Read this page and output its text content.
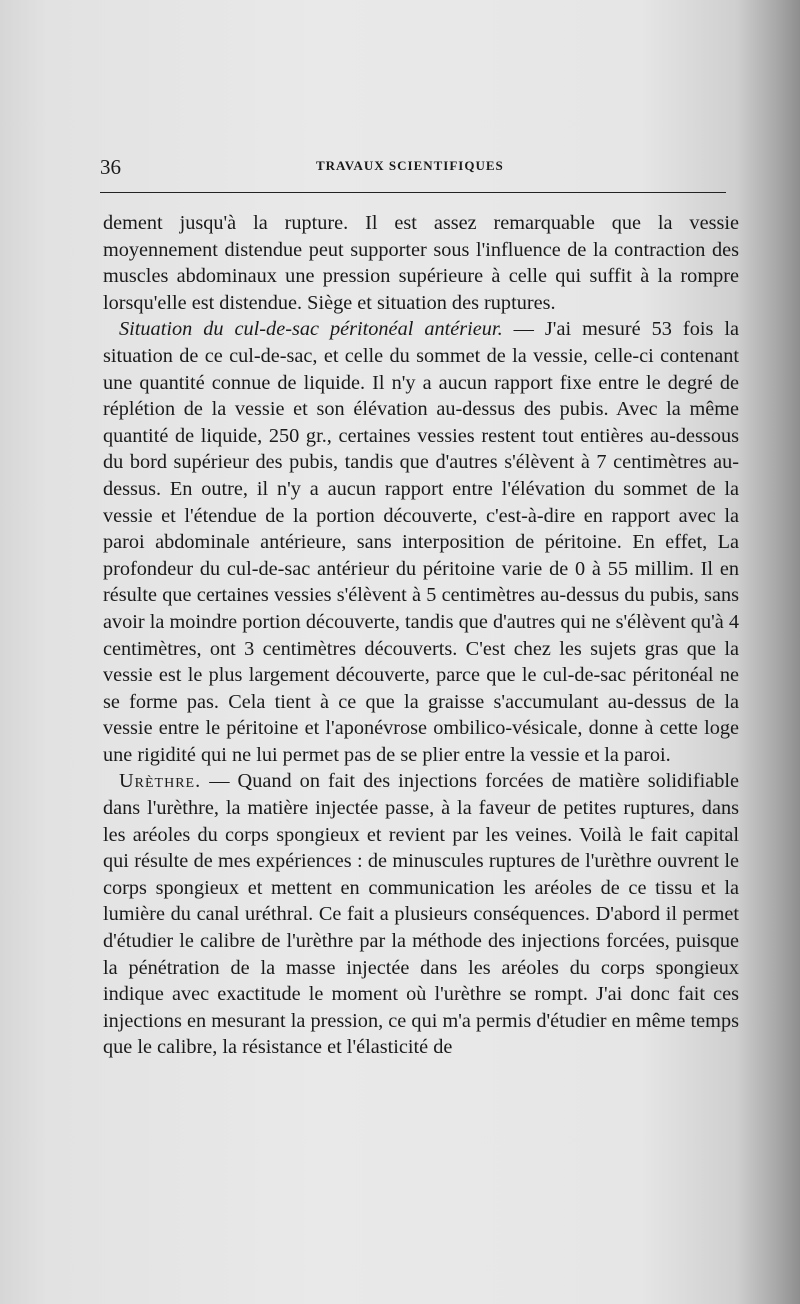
36	TRAVAUX SCIENTIFIQUES

dement jusqu'à la rupture. Il est assez remarquable que la vessie moyennement distendue peut supporter sous l'influence de la contraction des muscles abdominaux une pression supérieure à celle qui suffit à la rompre lorsqu'elle est distendue. Siège et situation des ruptures.

Situation du cul-de-sac péritonéal antérieur. — J'ai mesuré 53 fois la situation de ce cul-de-sac, et celle du sommet de la vessie, celle-ci contenant une quantité connue de liquide. Il n'y a aucun rapport fixe entre le degré de réplétion de la vessie et son élévation au-dessus des pubis. Avec la même quantité de liquide, 250 gr., certaines vessies restent tout entières au-dessous du bord supérieur des pubis, tandis que d'autres s'élèvent à 7 centimètres au-dessus. En outre, il n'y a aucun rapport entre l'élévation du sommet de la vessie et l'étendue de la portion découverte, c'est-à-dire en rapport avec la paroi abdominale antérieure, sans interposition de péritoine. En effet, La profondeur du cul-de-sac antérieur du péritoine varie de 0 à 55 millim. Il en résulte que certaines vessies s'élèvent à 5 centimètres au-dessus du pubis, sans avoir la moindre portion découverte, tandis que d'autres qui ne s'élèvent qu'à 4 centimètres, ont 3 centimètres découverts. C'est chez les sujets gras que la vessie est le plus largement découverte, parce que le cul-de-sac péritonéal ne se forme pas. Cela tient à ce que la graisse s'accumulant au-dessus de la vessie entre le péritoine et l'aponévrose ombilico-vésicale, donne à cette loge une rigidité qui ne lui permet pas de se plier entre la vessie et la paroi.

Urèthre. — Quand on fait des injections forcées de matière solidifiable dans l'urèthre, la matière injectée passe, à la faveur de petites ruptures, dans les aréoles du corps spongieux et revient par les veines. Voilà le fait capital qui résulte de mes expériences : de minuscules ruptures de l'urèthre ouvrent le corps spongieux et mettent en communication les aréoles de ce tissu et la lumière du canal uréthral. Ce fait a plusieurs conséquences. D'abord il permet d'étudier le calibre de l'urèthre par la méthode des injections forcées, puisque la pénétration de la masse injectée dans les aréoles du corps spongieux indique avec exactitude le moment où l'urèthre se rompt. J'ai donc fait ces injections en mesurant la pression, ce qui m'a permis d'étudier en même temps que le calibre, la résistance et l'élasticité de
